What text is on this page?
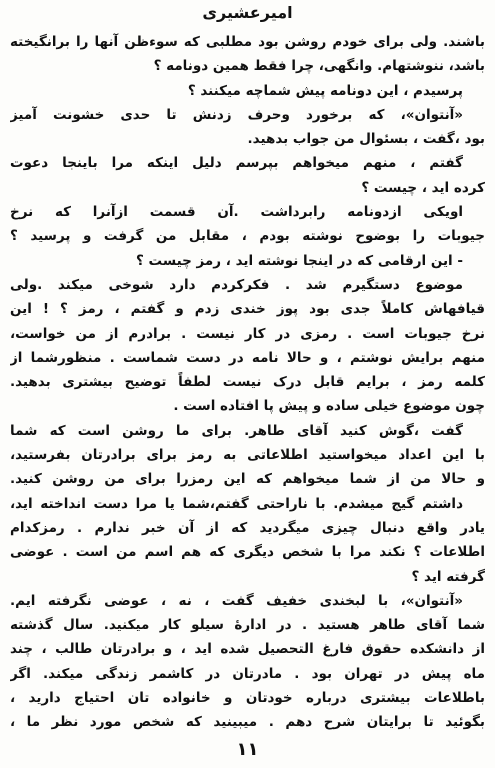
امیرعشیری
باشند. ولی برای خودم روشن بود مطلبی که سوءظن آنها را برانگیخته
باشد، ننوشتهام. وانگهی، چرا فقط همین دونامه ؟
پرسیدم ، این دونامه پیش شماچه میکنند ؟
«آنتوان»، که برخورد وحرف زدنش تا حدی خشونت آمیز
بود ،گفت ، بسئوال من جواب بدهید.
گفتم ، منهم میخواهم بپرسم دلیل اینکه مرا باینجا دعوت
کرده اید ، چیست ؟
اویکی ازدونامه رابرداشت .آن قسمت ازآنرا که نرخ
جیوبات را بوضوح نوشته بودم ، مقابل من گرفت و پرسید ؟
- این ارقامی که در اینجا نوشته اید ، رمز چیست ؟
موضوع دستگیرم شد . فکرکردم دارد شوخی میکند .ولی
قیافهاش کاملاً جدی بود پوز خندی زدم و گفتم ، رمز ؟ ! این
نرخ جیوبات است . رمزی در کار نیست . برادرم از من خواست،
منهم برایش نوشتم ، و حالا نامه در دست شماست . منظورشما از
کلمه رمز ، برایم قابل درک نیست لطفاً توضیح بیشتری بدهید.
چون موضوع خیلی ساده و پیش پا افتاده است .
گفت ،گوش کنید آقای طاهر. برای ما روشن است که شما
با این اعداد میخواستید اطلاعاتی به رمز برای برادرتان بفرستید،
و حالا من از شما میخواهم که این رمزرا برای من روشن کنید.
داشتم گیج میشدم. با ناراحتی گفتم،شما یا مرا دست انداخته اید،
یادر واقع دنبال چیزی میگردید که از آن خبر ندارم . رمزکدام
اطلاعات ؟ نکند مرا با شخص دیگری که هم اسم من است . عوضی
گرفته اید ؟
«آنتوان»، با لبخندی خفیف گفت ، نه ، عوضی نگرفته ایم.
شما آقای طاهر هستید . در ادارهٔ سیلو کار میکنید. سال گذشته
از دانشکده حقوق فارغ التحصیل شده اید ، و برادرتان طالب ، چند
ماه پیش در تهران بود . مادرتان در کاشمر زندگی میکند. اگر
باطلاعات بیشتری درباره خودتان و خانواده تان احتیاج دارید ،
بگوئید تا برایتان شرح دهم . میبینید که شخص مورد نظر ما ،
۱۱
